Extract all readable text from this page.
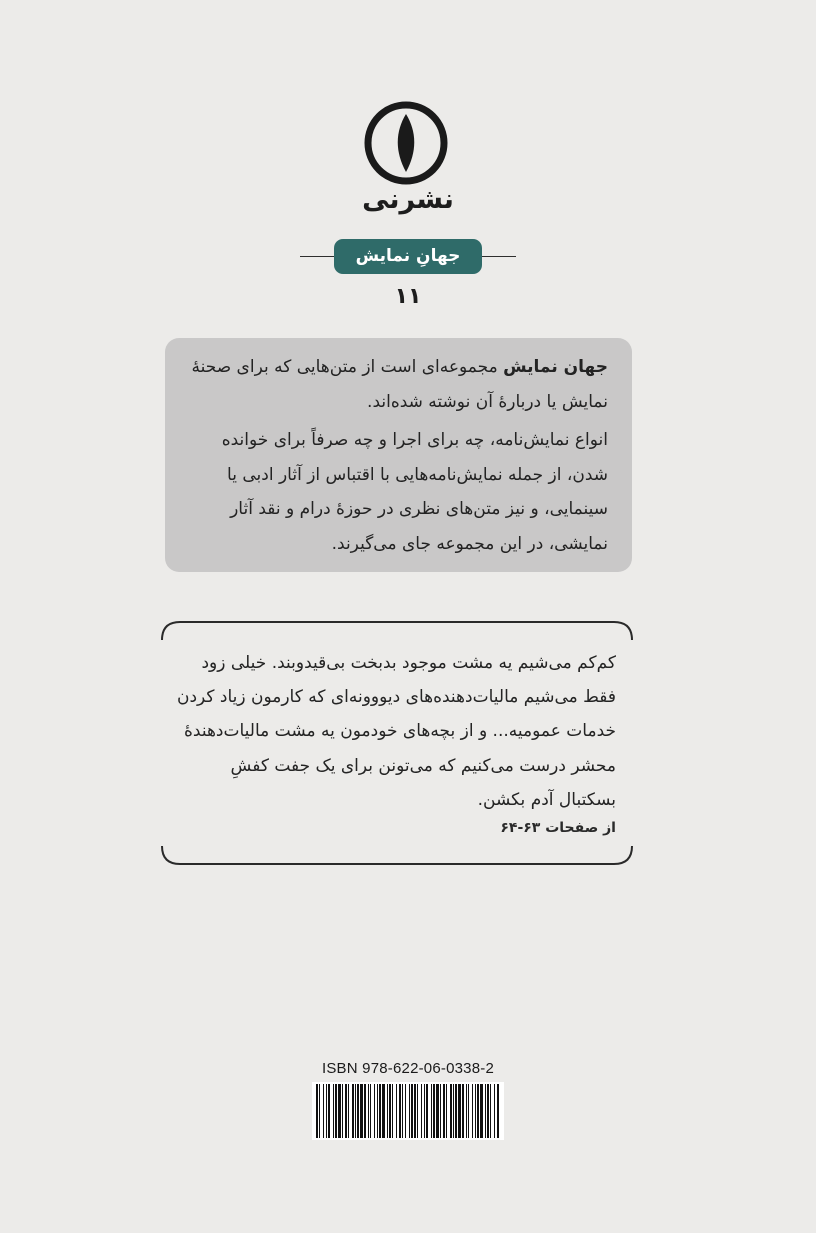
نشرنی
جهانِ نمایش
۱۱

جهان نمایش مجموعه‌ای است از متن‌هایی که برای صحنهٔ نمایش یا دربارهٔ آن نوشته شده‌اند.

انواع نمایش‌نامه، چه برای اجرا و چه صرفاً برای خوانده شدن، از جمله نمایش‌نامه‌هایی با اقتباس از آثار ادبی یا سینمایی، و نیز متن‌های نظری در حوزهٔ درام و نقد آثار نمایشی، در این مجموعه جای می‌گیرند.

کم‌کم می‌شیم یه مشت موجود بدبخت بی‌قیدوبند. خیلی زود فقط می‌شیم مالیات‌دهنده‌های دیووونه‌ای که کارمون زیاد کردن خدمات عمومیه... و از بچه‌های خودمون یه مشت مالیات‌دهندهٔ محشر درست می‌کنیم که می‌تونن برای یک جفت کفشِ بسکتبال آدم بکشن.
از صفحات ۶۳-۶۴
ISBN 978-622-06-0338-2
